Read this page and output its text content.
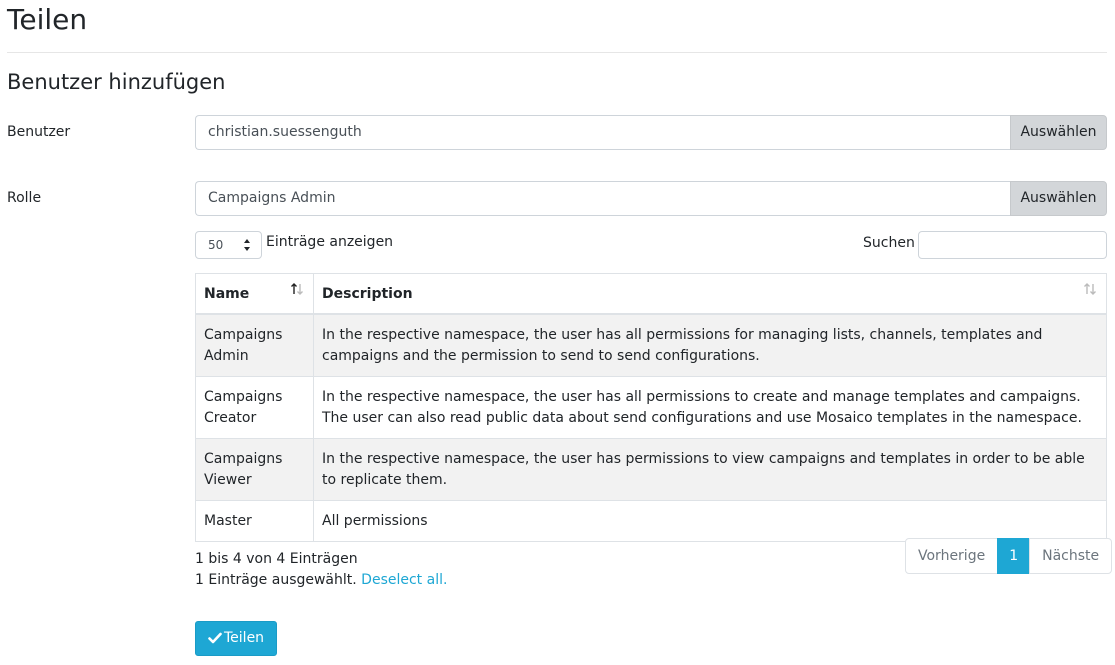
Teilen
Benutzer hinzufügen
Benutzer	christian.suessenguth	Auswählen
Rolle	Campaigns Admin	Auswählen
50	Einträge anzeigen	Suchen
Name	Description

Campaigns Admin	In the respective namespace, the user has all permissions for managing lists, channels, templates and campaigns and the permission to send to send configurations.
Campaigns Creator	In the respective namespace, the user has all permissions to create and manage templates and campaigns. The user can also read public data about send configurations and use Mosaico templates in the namespace.
Campaigns Viewer	In the respective namespace, the user has permissions to view campaigns and templates in order to be able to replicate them.
Master	All permissions
1 bis 4 von 4 Einträgen
1 Einträge ausgewählt. Deselect all.
Vorherige	1	Nächste
Teilen
